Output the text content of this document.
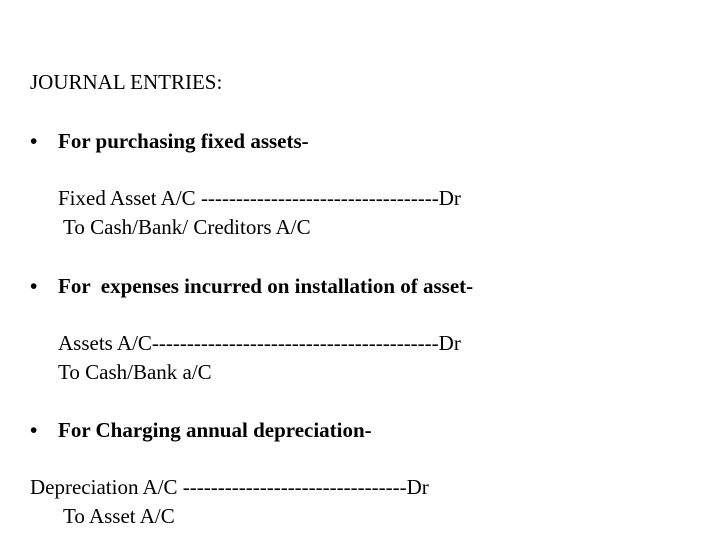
JOURNAL ENTRIES:
• For purchasing fixed assets-
Fixed Asset A/C ----------------------------------Dr
To Cash/Bank/ Creditors A/C
• For  expenses incurred on installation of asset-
Assets A/C-----------------------------------------Dr
To Cash/Bank a/C
• For Charging annual depreciation-
Depreciation A/C --------------------------------Dr
To Asset A/C
